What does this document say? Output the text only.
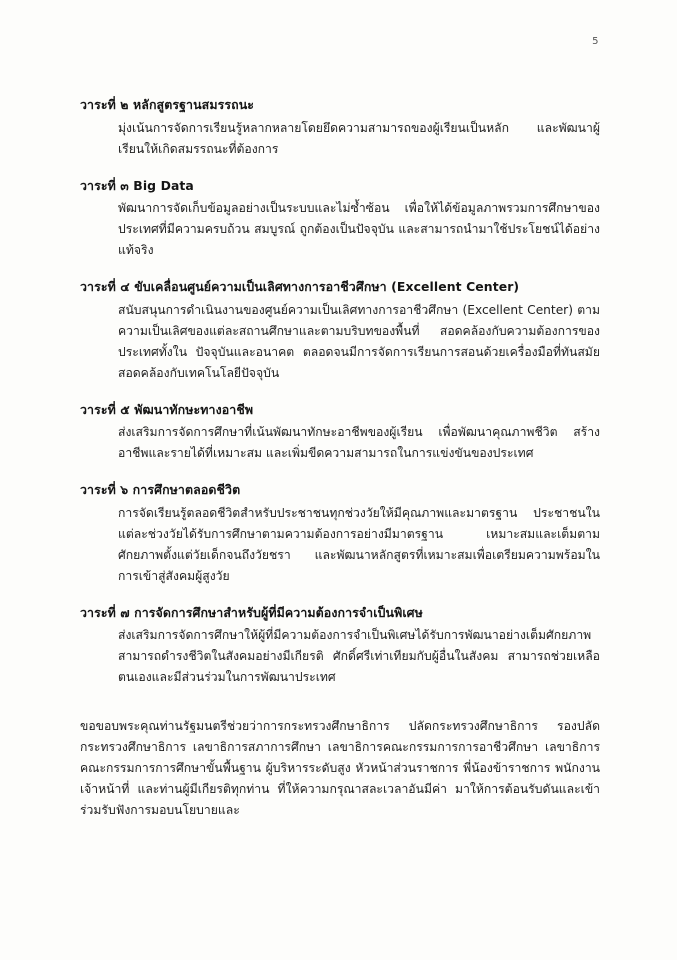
5

วาระที่ ๒ หลักสูตรฐานสมรรถนะ

มุ่งเน้นการจัดการเรียนรู้หลากหลายโดยยึดความสามารถของผู้เรียนเป็นหลัก และพัฒนาผู้เรียนให้เกิดสมรรถนะที่ต้องการ

วาระที่ ๓ Big Data

พัฒนาการจัดเก็บข้อมูลอย่างเป็นระบบและไม่ซ้ำซ้อน เพื่อให้ได้ข้อมูลภาพรวมการศึกษาของประเทศที่มีความครบถ้วน สมบูรณ์ ถูกต้องเป็นปัจจุบัน และสามารถนำมาใช้ประโยชน์ได้อย่างแท้จริง

วาระที่ ๔ ขับเคลื่อนศูนย์ความเป็นเลิศทางการอาชีวศึกษา (Excellent Center)

สนับสนุนการดำเนินงานของศูนย์ความเป็นเลิศทางการอาชีวศึกษา (Excellent Center) ตามความเป็นเลิศของแต่ละสถานศึกษาและตามบริบทของพื้นที่ สอดคล้องกับความต้องการของประเทศทั้งใน ปัจจุบันและอนาคต ตลอดจนมีการจัดการเรียนการสอนด้วยเครื่องมือที่ทันสมัย สอดคล้องกับเทคโนโลยีปัจจุบัน

วาระที่ ๕ พัฒนาทักษะทางอาชีพ

ส่งเสริมการจัดการศึกษาที่เน้นพัฒนาทักษะอาชีพของผู้เรียน เพื่อพัฒนาคุณภาพชีวิต สร้างอาชีพและรายได้ที่เหมาะสม และเพิ่มขีดความสามารถในการแข่งขันของประเทศ

วาระที่ ๖ การศึกษาตลอดชีวิต

การจัดเรียนรู้ตลอดชีวิตสำหรับประชาชนทุกช่วงวัยให้มีคุณภาพและมาตรฐาน ประชาชนในแต่ละช่วงวัยได้รับการศึกษาตามความต้องการอย่างมีมาตรฐาน เหมาะสมและเต็มตามศักยภาพตั้งแต่วัยเด็กจนถึงวัยชรา และพัฒนาหลักสูตรที่เหมาะสมเพื่อเตรียมความพร้อมในการเข้าสู่สังคมผู้สูงวัย

วาระที่ ๗ การจัดการศึกษาสำหรับผู้ที่มีความต้องการจำเป็นพิเศษ

ส่งเสริมการจัดการศึกษาให้ผู้ที่มีความต้องการจำเป็นพิเศษได้รับการพัฒนาอย่างเต็มศักยภาพ สามารถดำรงชีวิตในสังคมอย่างมีเกียรติ ศักดิ์ศรีเท่าเทียมกับผู้อื่นในสังคม สามารถช่วยเหลือตนเองและมีส่วนร่วมในการพัฒนาประเทศ

ขอขอบพระคุณท่านรัฐมนตรีช่วยว่าการกระทรวงศึกษาธิการ ปลัดกระทรวงศึกษาธิการ รองปลัดกระทรวงศึกษาธิการ เลขาธิการสภาการศึกษา เลขาธิการคณะกรรมการการอาชีวศึกษา เลขาธิการคณะกรรมการการศึกษาขั้นพื้นฐาน ผู้บริหารระดับสูง หัวหน้าส่วนราชการ พี่น้องข้าราชการ พนักงาน เจ้าหน้าที่ และท่านผู้มีเกียรติทุกท่าน ที่ให้ความกรุณาสละเวลาอันมีค่า มาให้การต้อนรับดันและเข้าร่วมรับฟังการมอบนโยบายและ
